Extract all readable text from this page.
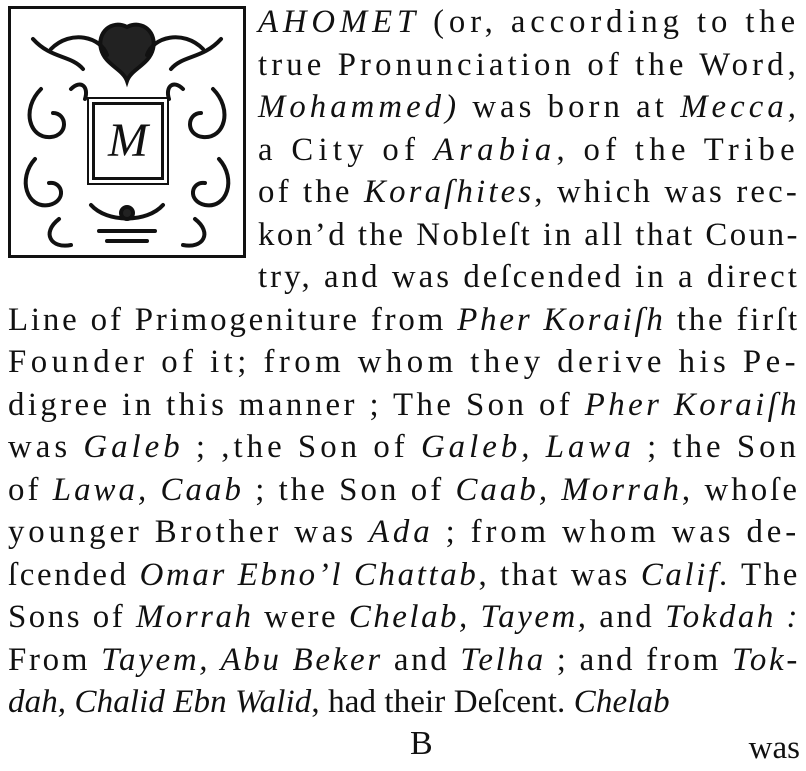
M
AHOMET (or, according to the
true Pronunciation of the Word,
Mohammed) was born at Mecca,
a City of Arabia, of the Tribe
of the Koraſhites, which was rec-
kon’d the Nobleſt in all that Coun-
try, and was deſcended in a direct
Line of Primogeniture from Pher Koraiſh the firſt
Founder of it; from whom they derive his Pe-
digree in this manner ; The Son of Pher Koraiſh
was Galeb ; ,the Son of Galeb, Lawa ; the Son
of Lawa, Caab ; the Son of Caab, Morrah, whoſe
younger Brother was Ada ; from whom was de-
ſcended Omar Ebno’l Chattab, that was Calif. The
Sons of Morrah were Chelab, Tayem, and Tokdah :
From Tayem, Abu Beker and Telha ; and from Tok-
dah, Chalid Ebn Walid, had their Deſcent. Chelab
B	was
